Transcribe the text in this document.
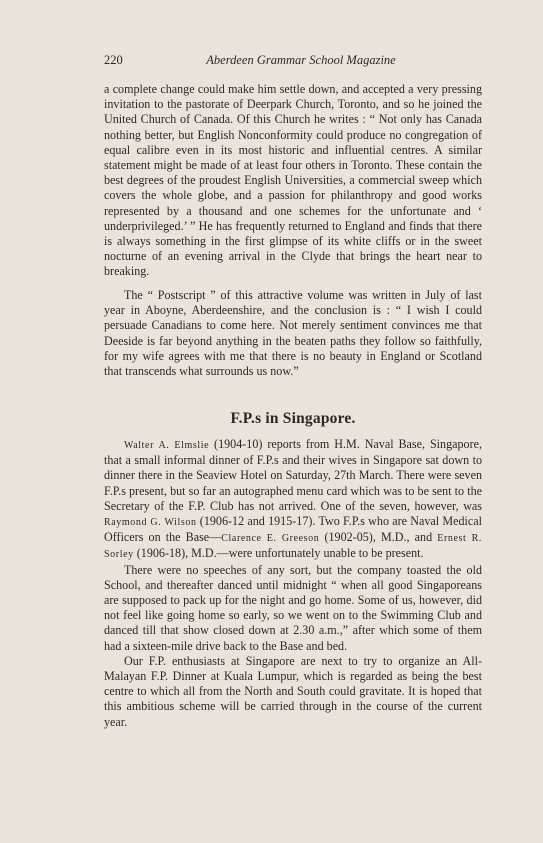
220	Aberdeen Grammar School Magazine

a complete change could make him settle down, and accepted a very pressing invitation to the pastorate of Deerpark Church, Toronto, and so he joined the United Church of Canada. Of this Church he writes : “ Not only has Canada nothing better, but English Nonconformity could produce no congregation of equal calibre even in its most historic and influential centres. A similar statement might be made of at least four others in Toronto. These contain the best degrees of the proudest English Universities, a commercial sweep which covers the whole globe, and a passion for philanthropy and good works represented by a thousand and one schemes for the unfortunate and ‘ underprivileged.’ ” He has frequently returned to England and finds that there is always something in the first glimpse of its white cliffs or in the sweet nocturne of an evening arrival in the Clyde that brings the heart near to breaking.

The “ Postscript ” of this attractive volume was written in July of last year in Aboyne, Aberdeenshire, and the conclusion is : “ I wish I could persuade Canadians to come here. Not merely sentiment convinces me that Deeside is far beyond anything in the beaten paths they follow so faithfully, for my wife agrees with me that there is no beauty in England or Scotland that transcends what surrounds us now.”

F.P.s in Singapore.

Walter A. Elmslie (1904-10) reports from H.M. Naval Base, Singapore, that a small informal dinner of F.P.s and their wives in Singapore sat down to dinner there in the Seaview Hotel on Saturday, 27th March. There were seven F.P.s present, but so far an autographed menu card which was to be sent to the Secretary of the F.P. Club has not arrived. One of the seven, however, was Raymond G. Wilson (1906-12 and 1915-17). Two F.P.s who are Naval Medical Officers on the Base—Clarence E. Greeson (1902-05), M.D., and Ernest R. Sorley (1906-18), M.D.—were unfortunately unable to be present.

There were no speeches of any sort, but the company toasted the old School, and thereafter danced until midnight “ when all good Singaporeans are supposed to pack up for the night and go home. Some of us, however, did not feel like going home so early, so we went on to the Swimming Club and danced till that show closed down at 2.30 a.m.,” after which some of them had a sixteen-mile drive back to the Base and bed.

Our F.P. enthusiasts at Singapore are next to try to organize an All-Malayan F.P. Dinner at Kuala Lumpur, which is regarded as being the best centre to which all from the North and South could gravitate. It is hoped that this ambitious scheme will be carried through in the course of the current year.
